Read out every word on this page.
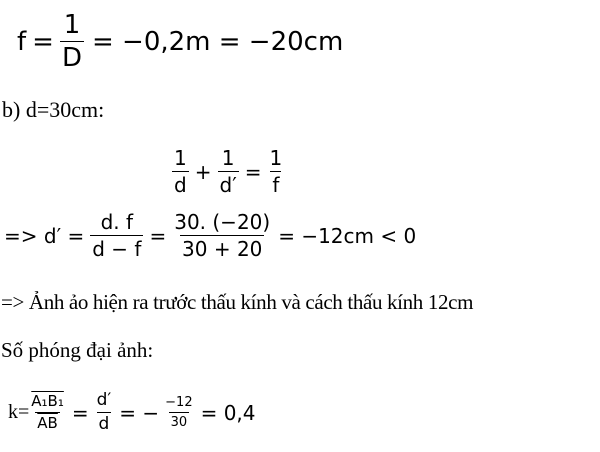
$f = \frac{1}{D} = -0,2m = -20cm$
b) d=30cm:
$\frac{1}{d} + \frac{1}{d'} = \frac{1}{f}$
=> $d' = \frac{d. f}{d - f} = \frac{30. (-20)}{30 + 20} = -12cm < 0$
=> Ảnh ảo hiện ra trước thấu kính và cách thấu kính 12cm
Số phóng đại ảnh:
$k= \frac{\text{A₁B₁}}{AB} = \frac{d'}{d}$ = − $\frac{-12}{30} = 0,4$
